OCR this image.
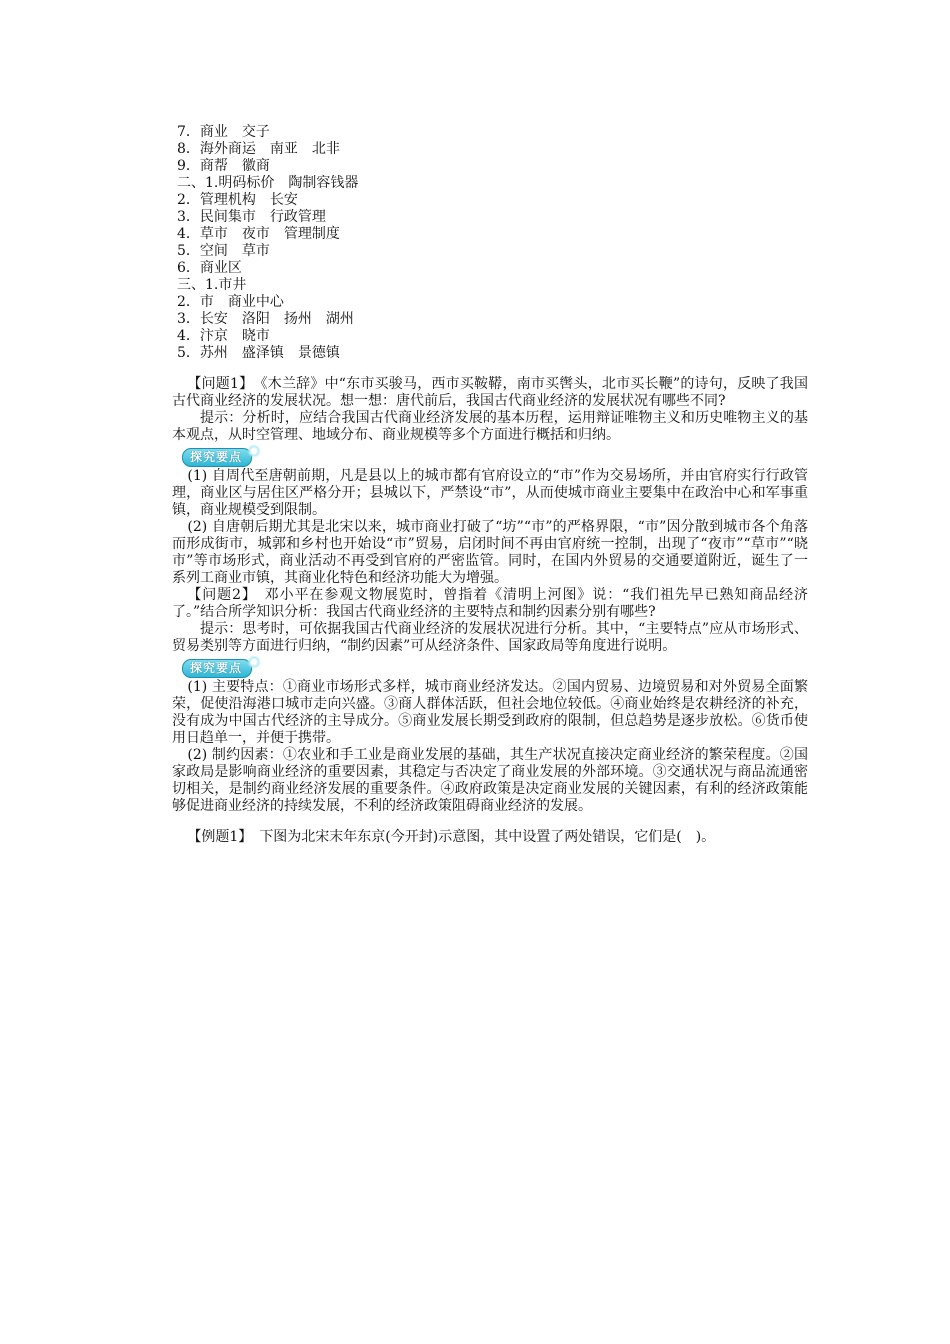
7．商业　交子
8．海外商运　南亚　北非
9．商帮　徽商
二、1.明码标价　陶制容钱器
2．管理机构　长安
3．民间集市　行政管理
4．草市　夜市　管理制度
5．空间　草市
6．商业区
三、1.市井
2．市　商业中心
3．长安　洛阳　扬州　湖州
4．汴京　晓市
5．苏州　盛泽镇　景德镇

【问题1】　 《木兰辞》中“东市买骏马，西市买鞍鞯，南市买辔头，北市买长鞭”的诗句，反映了我国古代商业经济的发展状况。想一想：唐代前后，我国古代商业经济的发展状况有哪些不同?

提示：分析时，应结合我国古代商业经济发展的基本历程，运用辩证唯物主义和历史唯物主义的基本观点，从时空管理、地域分布、商业规模等多个方面进行概括和归纳。

探究要点

(1) 自周代至唐朝前期，凡是县以上的城市都有官府设立的“市”作为交易场所，并由官府实行行政管理，商业区与居住区严格分开；县城以下，严禁设“市”，从而使城市商业主要集中在政治中心和军事重镇，商业规模受到限制。

(2) 自唐朝后期尤其是北宋以来，城市商业打破了“坊”“市”的严格界限，“市”因分散到城市各个角落而形成街市，城郭和乡村也开始设“市”贸易，启闭时间不再由官府统一控制，出现了“夜市”“草市”“晓市”等市场形式，商业活动不再受到官府的严密监管。同时，在国内外贸易的交通要道附近，诞生了一系列工商业市镇，其商业化特色和经济功能大为增强。

【问题2】　 邓小平在参观文物展览时，曾指着《清明上河图》说：“我们祖先早已熟知商品经济了。”结合所学知识分析：我国古代商业经济的主要特点和制约因素分别有哪些?

提示：思考时，可依据我国古代商业经济的发展状况进行分析。其中，“主要特点”应从市场形式、贸易类别等方面进行归纳，“制约因素”可从经济条件、国家政局等角度进行说明。

探究要点

(1) 主要特点：①商业市场形式多样，城市商业经济发达。②国内贸易、边境贸易和对外贸易全面繁荣，促使沿海港口城市走向兴盛。③商人群体活跃，但社会地位较低。④商业始终是农耕经济的补充，没有成为中国古代经济的主导成分。⑤商业发展长期受到政府的限制，但总趋势是逐步放松。⑥货币使用日趋单一，并便于携带。

(2) 制约因素：①农业和手工业是商业发展的基础，其生产状况直接决定商业经济的繁荣程度。②国家政局是影响商业经济的重要因素，其稳定与否决定了商业发展的外部环境。③交通状况与商品流通密切相关，是制约商业经济发展的重要条件。④政府政策是决定商业发展的关键因素，有利的经济政策能够促进商业经济的持续发展，不利的经济政策阻碍商业经济的发展。

【例题1】　 下图为北宋末年东京(今开封)示意图，其中设置了两处错误，它们是(　)。
